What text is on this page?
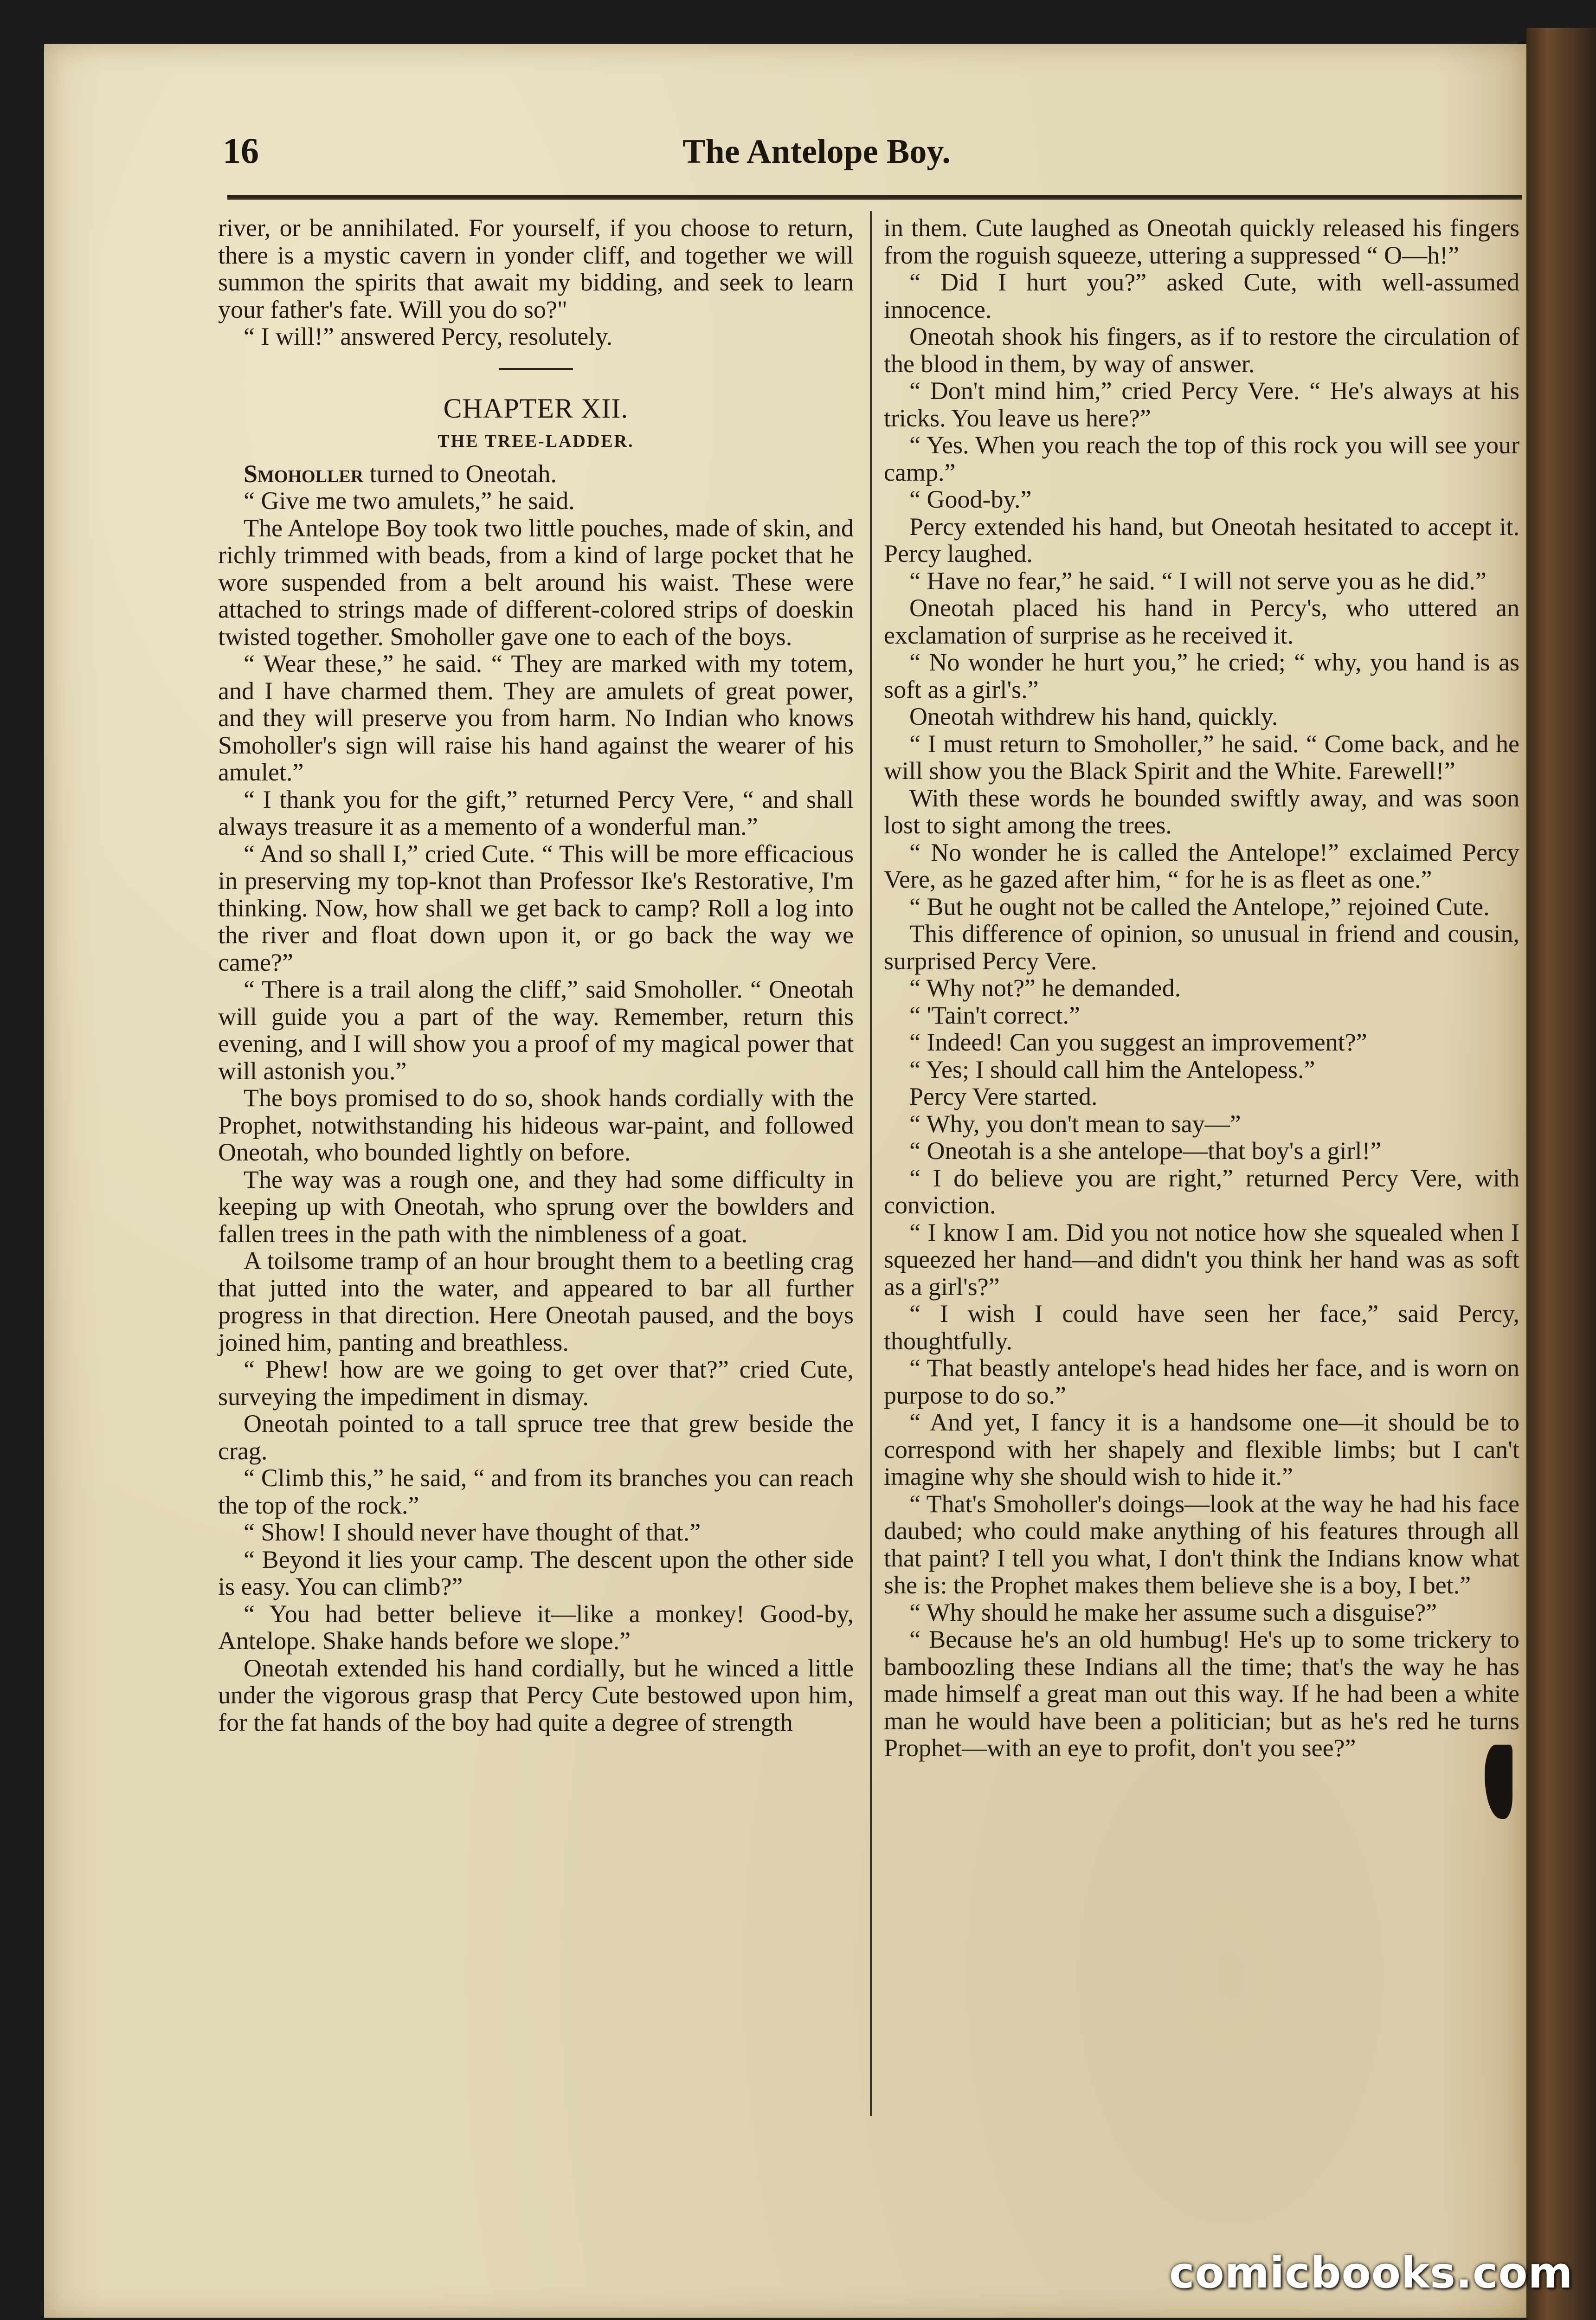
16	The Antelope Boy.

river, or be annihilated. For yourself, if you choose to return, there is a mystic cavern in yonder cliff, and together we will summon the spirits that await my bidding, and seek to learn your father's fate. Will you do so?"

“ I will!” answered Percy, resolutely.

CHAPTER XII.
THE TREE-LADDER.

Smoholler turned to Oneotah.

“ Give me two amulets,” he said.

The Antelope Boy took two little pouches, made of skin, and richly trimmed with beads, from a kind of large pocket that he wore suspended from a belt around his waist. These were attached to strings made of different-colored strips of doeskin twisted together. Smoholler gave one to each of the boys.

“ Wear these,” he said. “ They are marked with my totem, and I have charmed them. They are amulets of great power, and they will preserve you from harm. No Indian who knows Smoholler's sign will raise his hand against the wearer of his amulet.”

“ I thank you for the gift,” returned Percy Vere, “ and shall always treasure it as a memento of a wonderful man.”

“ And so shall I,” cried Cute. “ This will be more efficacious in preserving my top-knot than Professor Ike's Restorative, I'm thinking. Now, how shall we get back to camp? Roll a log into the river and float down upon it, or go back the way we came?”

“ There is a trail along the cliff,” said Smoholler. “ Oneotah will guide you a part of the way. Remember, return this evening, and I will show you a proof of my magical power that will astonish you.”

The boys promised to do so, shook hands cordially with the Prophet, notwithstanding his hideous war-paint, and followed Oneotah, who bounded lightly on before.

The way was a rough one, and they had some difficulty in keeping up with Oneotah, who sprung over the bowlders and fallen trees in the path with the nimbleness of a goat.

A toilsome tramp of an hour brought them to a beetling crag that jutted into the water, and appeared to bar all further progress in that direction. Here Oneotah paused, and the boys joined him, panting and breathless.

“ Phew! how are we going to get over that?” cried Cute, surveying the impediment in dismay.

Oneotah pointed to a tall spruce tree that grew beside the crag.

“ Climb this,” he said, “ and from its branches you can reach the top of the rock.”

“ Show! I should never have thought of that.”

“ Beyond it lies your camp. The descent upon the other side is easy. You can climb?”

“ You had better believe it—like a monkey! Good-by, Antelope. Shake hands before we slope.”

Oneotah extended his hand cordially, but he winced a little under the vigorous grasp that Percy Cute bestowed upon him, for the fat hands of the boy had quite a degree of strength

in them. Cute laughed as Oneotah quickly released his fingers from the roguish squeeze, uttering a suppressed “ O—h!”

“ Did I hurt you?” asked Cute, with well-assumed innocence.

Oneotah shook his fingers, as if to restore the circulation of the blood in them, by way of answer.

“ Don't mind him,” cried Percy Vere. “ He's always at his tricks. You leave us here?”

“ Yes. When you reach the top of this rock you will see your camp.”

“ Good-by.”

Percy extended his hand, but Oneotah hesitated to accept it. Percy laughed.

“ Have no fear,” he said. “ I will not serve you as he did.”

Oneotah placed his hand in Percy's, who uttered an exclamation of surprise as he received it.

“ No wonder he hurt you,” he cried; “ why, you hand is as soft as a girl's.”

Oneotah withdrew his hand, quickly.

“ I must return to Smoholler,” he said. “ Come back, and he will show you the Black Spirit and the White. Farewell!”

With these words he bounded swiftly away, and was soon lost to sight among the trees.

“ No wonder he is called the Antelope!” exclaimed Percy Vere, as he gazed after him, “ for he is as fleet as one.”

“ But he ought not be called the Antelope,” rejoined Cute.

This difference of opinion, so unusual in friend and cousin, surprised Percy Vere.

“ Why not?” he demanded.

“ 'Tain't correct.”

“ Indeed! Can you suggest an improvement?”

“ Yes; I should call him the Antelopess.”

Percy Vere started.

“ Why, you don't mean to say—”

“ Oneotah is a she antelope—that boy's a girl!”

“ I do believe you are right,” returned Percy Vere, with conviction.

“ I know I am. Did you not notice how she squealed when I squeezed her hand—and didn't you think her hand was as soft as a girl's?”

“ I wish I could have seen her face,” said Percy, thoughtfully.

“ That beastly antelope's head hides her face, and is worn on purpose to do so.”

“ And yet, I fancy it is a handsome one—it should be to correspond with her shapely and flexible limbs; but I can't imagine why she should wish to hide it.”

“ That's Smoholler's doings—look at the way he had his face daubed; who could make anything of his features through all that paint? I tell you what, I don't think the Indians know what she is: the Prophet makes them believe she is a boy, I bet.”

“ Why should he make her assume such a disguise?”

“ Because he's an old humbug! He's up to some trickery to bamboozling these Indians all the time; that's the way he has made himself a great man out this way. If he had been a white man he would have been a politician; but as he's red he turns Prophet—with an eye to profit, don't you see?”

comicbooks.com
